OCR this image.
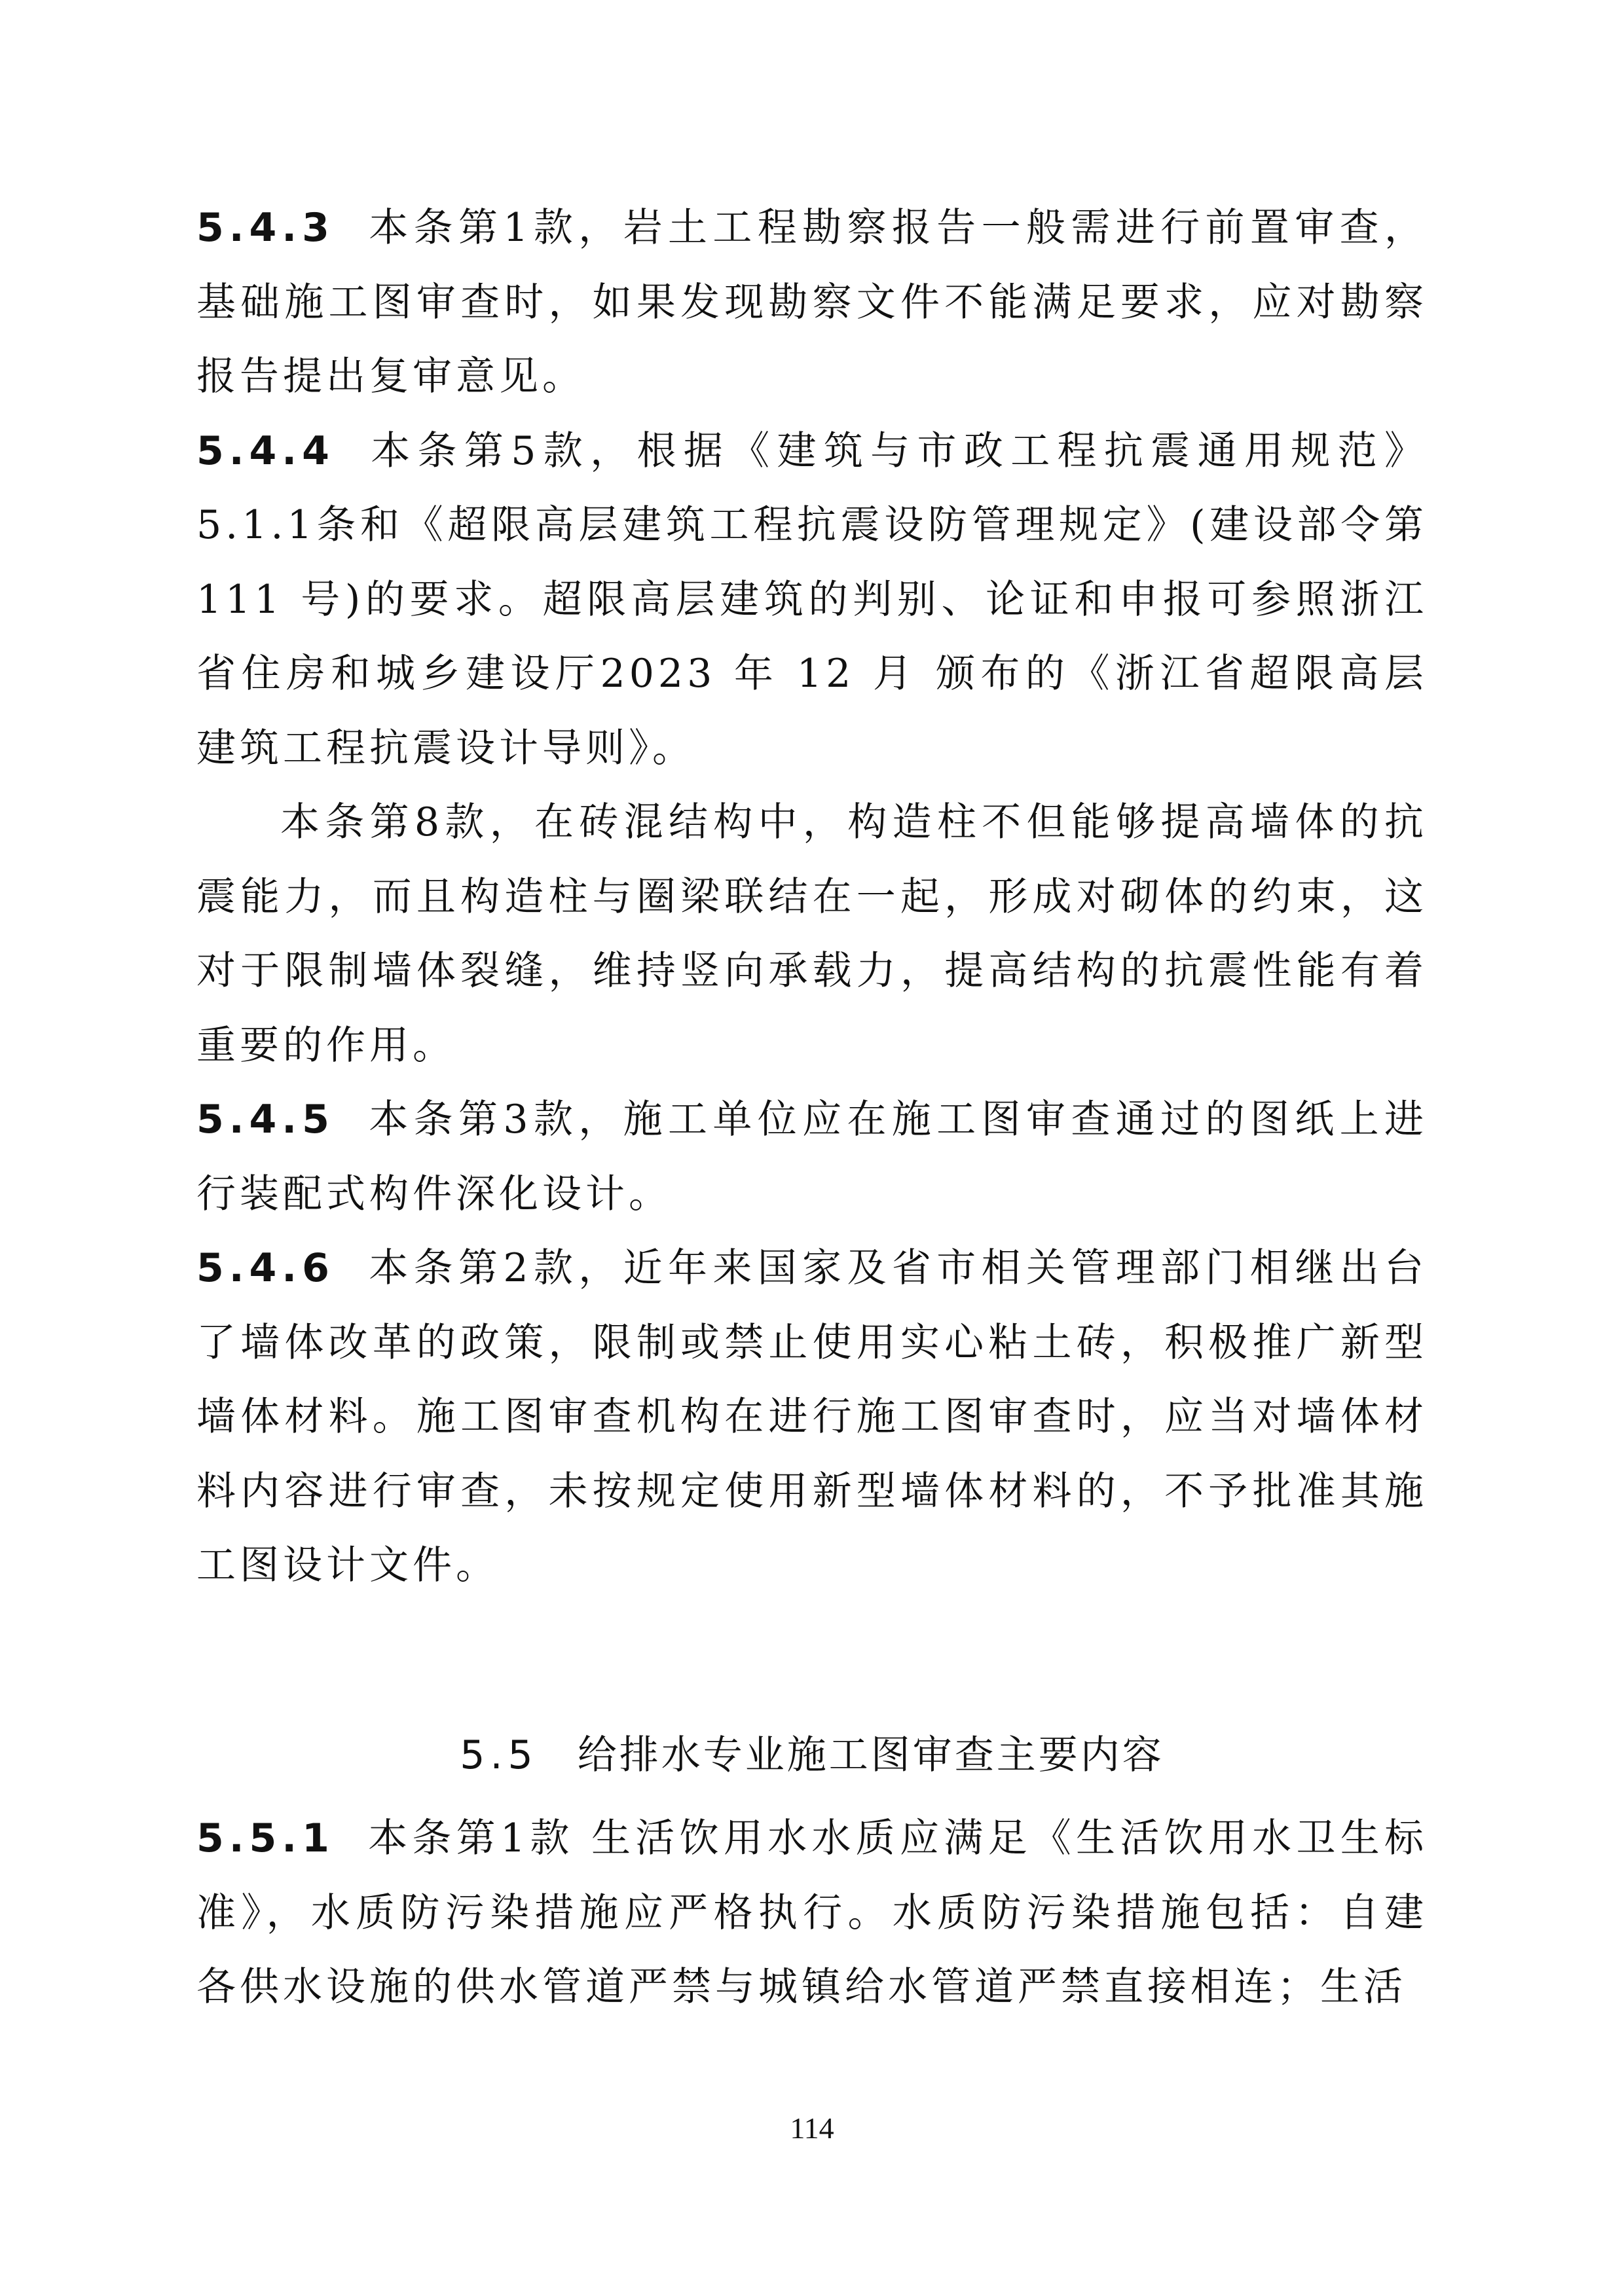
5.4.3 本条第1款，岩土工程勘察报告一般需进行前置审查，基础施工图审查时，如果发现勘察文件不能满足要求，应对勘察报告提出复审意见。

5.4.4 本条第5款，根据《建筑与市政工程抗震通用规范》5.1.1条和《超限高层建筑工程抗震设防管理规定》(建设部令第 111 号)的要求。超限高层建筑的判别、论证和申报可参照浙江省住房和城乡建设厅2023 年 12 月 颁布的《浙江省超限高层建筑工程抗震设计导则》。

本条第8款，在砖混结构中，构造柱不但能够提高墙体的抗震能力，而且构造柱与圈梁联结在一起，形成对砌体的约束，这对于限制墙体裂缝，维持竖向承载力，提高结构的抗震性能有着重要的作用。

5.4.5 本条第3款，施工单位应在施工图审查通过的图纸上进行装配式构件深化设计。

5.4.6 本条第2款，近年来国家及省市相关管理部门相继出台了墙体改革的政策，限制或禁止使用实心粘土砖，积极推广新型墙体材料。施工图审查机构在进行施工图审查时，应当对墙体材料内容进行审查，未按规定使用新型墙体材料的，不予批准其施工图设计文件。

5.5 给排水专业施工图审查主要内容

5.5.1 本条第1款 生活饮用水水质应满足《生活饮用水卫生标准》，水质防污染措施应严格执行。水质防污染措施包括：自建各供水设施的供水管道严禁与城镇给水管道严禁直接相连；生活

114
